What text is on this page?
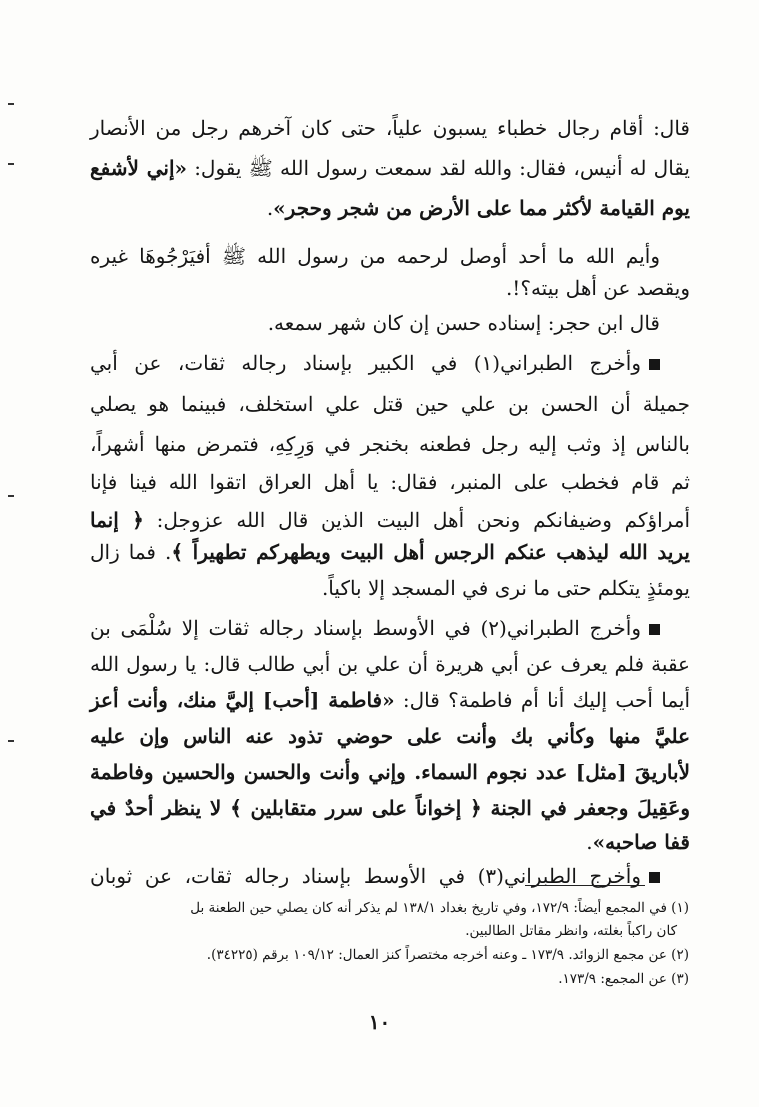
قال: أقام رجال خطباء يسبون علياً، حتى كان آخرهم رجل من الأنصار
يقال له أنيس، فقال: والله لقد سمعت رسول الله ﷺ يقول: «إني لأشفع
يوم القيامة لأكثر مما على الأرض من شجر وحجر».
وأيم الله ما أحد أوصل لرحمه من رسول الله ﷺ أفيَرْجُوهَا غيره
ويقصد عن أهل بيته؟!.
قال ابن حجر: إسناده حسن إن كان شهر سمعه.
وأخرج الطبراني(١) في الكبير بإسناد رجاله ثقات، عن أبي
جميلة أن الحسن بن علي حين قتل علي استخلف، فبينما هو يصلي
بالناس إذ وثب إليه رجل فطعنه بخنجر في وَرِكِهِ، فتمرض منها أشهراً،
ثم قام فخطب على المنبر، فقال: يا أهل العراق اتقوا الله فينا فإنا
أمراؤكم وضيفانكم ونحن أهل البيت الذين قال الله عزوجل: ﴿ إنما
يريد الله ليذهب عنكم الرجس أهل البيت ويطهركم تطهيراً ﴾. فما زال
يومئذٍ يتكلم حتى ما نرى في المسجد إلا باكياً.
وأخرج الطبراني(٢) في الأوسط بإسناد رجاله ثقات إلا سُلْمَى بن
عقبة فلم يعرف عن أبي هريرة أن علي بن أبي طالب قال: يا رسول الله
أيما أحب إليك أنا أم فاطمة؟ قال: «فاطمة [أحب] إليَّ منك، وأنت أعز
عليَّ منها وكأني بك وأنت على حوضي تذود عنه الناس وإن عليه
لأباريقَ [مثل] عدد نجوم السماء. وإني وأنت والحسن والحسين وفاطمة
وعَقِيلَ وجعفر في الجنة ﴿ إخواناً على سرر متقابلين ﴾ لا ينظر أحدٌ في
قفا صاحبه».
وأخرج الطبراني(٣) في الأوسط بإسناد رجاله ثقات، عن ثوبان
(١) في المجمع أيضاً: ١٧٢/٩، وفي تاريخ بغداد ١٣٨/١ لم يذكر أنه كان يصلي حين الطعنة بل
كان راكباً بغلته، وانظر مقاتل الطالبين.
(٢) عن مجمع الزوائد. ١٧٣/٩ ـ وعنه أخرجه مختصراً كنز العمال: ١٠٩/١٢ برقم (٣٤٢٢٥).
(٣) عن المجمع: ١٧٣/٩.
١٠
